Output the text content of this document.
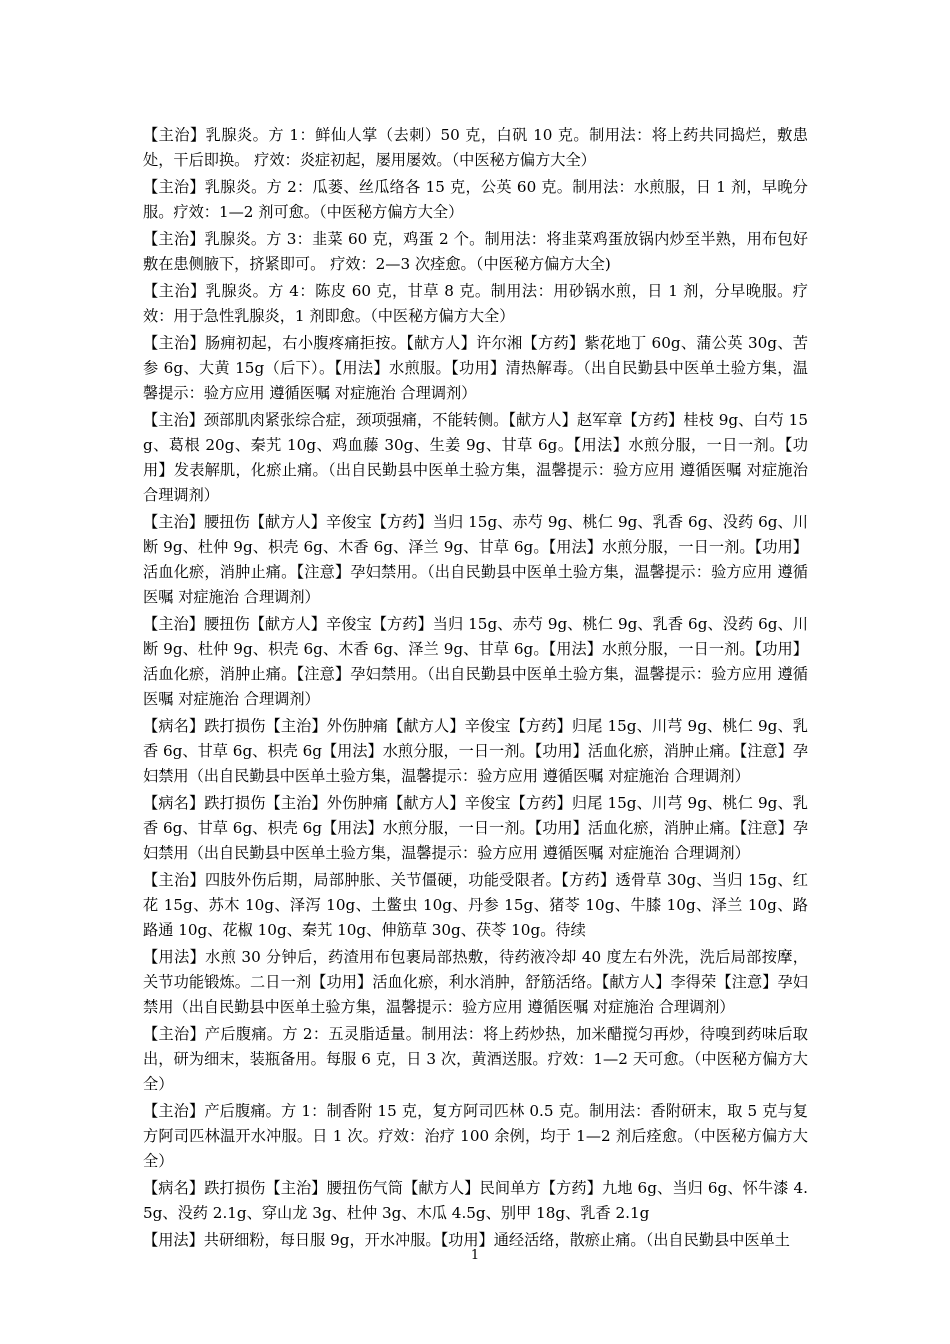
【主治】乳腺炎。方 1：鲜仙人掌（去刺）50 克，白矾 10 克。制用法：将上药共同捣烂，敷患处，干后即换。 疗效：炎症初起，屡用屡效。（中医秘方偏方大全）

【主治】乳腺炎。方 2：瓜蒌、丝瓜络各 15 克，公英 60 克。制用法：水煎服，日 1 剂，早晚分服。疗效：1—2 剂可愈。（中医秘方偏方大全）

【主治】乳腺炎。方 3：韭菜 60 克，鸡蛋 2 个。制用法：将韭菜鸡蛋放锅内炒至半熟，用布包好敷在患侧腋下，挤紧即可。 疗效：2—3 次痊愈。（中医秘方偏方大全)

【主治】乳腺炎。方 4：陈皮 60 克，甘草 8 克。制用法：用砂锅水煎，日 1 剂，分早晚服。疗效：用于急性乳腺炎，1 剂即愈。（中医秘方偏方大全）

【主治】肠痈初起，右小腹疼痛拒按。【献方人】许尔湘【方药】紫花地丁 60g、蒲公英 30g、苦参 6g、大黄 15g（后下）。【用法】水煎服。【功用】清热解毒。（出自民勤县中医单土验方集，温馨提示：验方应用 遵循医嘱 对症施治 合理调剂）

【主治】颈部肌肉紧张综合症，颈项强痛，不能转侧。【献方人】赵军章【方药】桂枝 9g、白芍 15g、葛根 20g、秦艽 10g、鸡血藤 30g、生姜 9g、甘草 6g。【用法】水煎分服，一日一剂。【功用】发表解肌，化瘀止痛。（出自民勤县中医单土验方集，温馨提示：验方应用 遵循医嘱 对症施治 合理调剂）

【主治】腰扭伤【献方人】辛俊宝【方药】当归 15g、赤芍 9g、桃仁 9g、乳香 6g、没药 6g、川断 9g、杜仲 9g、枳壳 6g、木香 6g、泽兰 9g、甘草 6g。【用法】水煎分服，一日一剂。【功用】活血化瘀，消肿止痛。【注意】孕妇禁用。（出自民勤县中医单土验方集，温馨提示：验方应用 遵循医嘱 对症施治 合理调剂）

【主治】腰扭伤【献方人】辛俊宝【方药】当归 15g、赤芍 9g、桃仁 9g、乳香 6g、没药 6g、川断 9g、杜仲 9g、枳壳 6g、木香 6g、泽兰 9g、甘草 6g。【用法】水煎分服，一日一剂。【功用】活血化瘀，消肿止痛。【注意】孕妇禁用。（出自民勤县中医单土验方集，温馨提示：验方应用 遵循医嘱 对症施治 合理调剂）

【病名】跌打损伤【主治】外伤肿痛【献方人】辛俊宝【方药】归尾 15g、川芎 9g、桃仁 9g、乳香 6g、甘草 6g、枳壳 6g【用法】水煎分服，一日一剂。【功用】活血化瘀，消肿止痛。【注意】孕妇禁用（出自民勤县中医单土验方集，温馨提示：验方应用 遵循医嘱 对症施治 合理调剂）

【病名】跌打损伤【主治】外伤肿痛【献方人】辛俊宝【方药】归尾 15g、川芎 9g、桃仁 9g、乳香 6g、甘草 6g、枳壳 6g【用法】水煎分服，一日一剂。【功用】活血化瘀，消肿止痛。【注意】孕妇禁用（出自民勤县中医单土验方集，温馨提示：验方应用 遵循医嘱 对症施治 合理调剂）

【主治】四肢外伤后期，局部肿胀、关节僵硬，功能受限者。【方药】透骨草 30g、当归 15g、红花 15g、苏木 10g、泽泻 10g、土鳖虫 10g、丹参 15g、猪苓 10g、牛膝 10g、泽兰 10g、路路通 10g、花椒 10g、秦艽 10g、伸筋草 30g、茯苓 10g。待续

【用法】水煎 30 分钟后，药渣用布包裹局部热敷，待药液冷却 40 度左右外洗，洗后局部按摩，关节功能锻炼。二日一剂【功用】活血化瘀，利水消肿，舒筋活络。【献方人】李得荣【注意】孕妇禁用（出自民勤县中医单土验方集，温馨提示：验方应用 遵循医嘱 对症施治 合理调剂）

【主治】产后腹痛。方 2：五灵脂适量。制用法：将上药炒热，加米醋搅匀再炒，待嗅到药味后取出，研为细末，装瓶备用。每服 6 克，日 3 次，黄酒送服。疗效：1—2 天可愈。（中医秘方偏方大全）

【主治】产后腹痛。方 1：制香附 15 克，复方阿司匹林 0.5 克。制用法：香附研末，取 5 克与复方阿司匹林温开水冲服。日 1 次。疗效：治疗 100 余例，均于 1—2 剂后痊愈。（中医秘方偏方大全）

【病名】跌打损伤【主治】腰扭伤气筒【献方人】民间单方【方药】九地 6g、当归 6g、怀牛漆 4.5g、没药 2.1g、穿山龙 3g、杜仲 3g、木瓜 4.5g、别甲 18g、乳香 2.1g

【用法】共研细粉，每日服 9g，开水冲服。【功用】通经活络，散瘀止痛。（出自民勤县中医单土

1
